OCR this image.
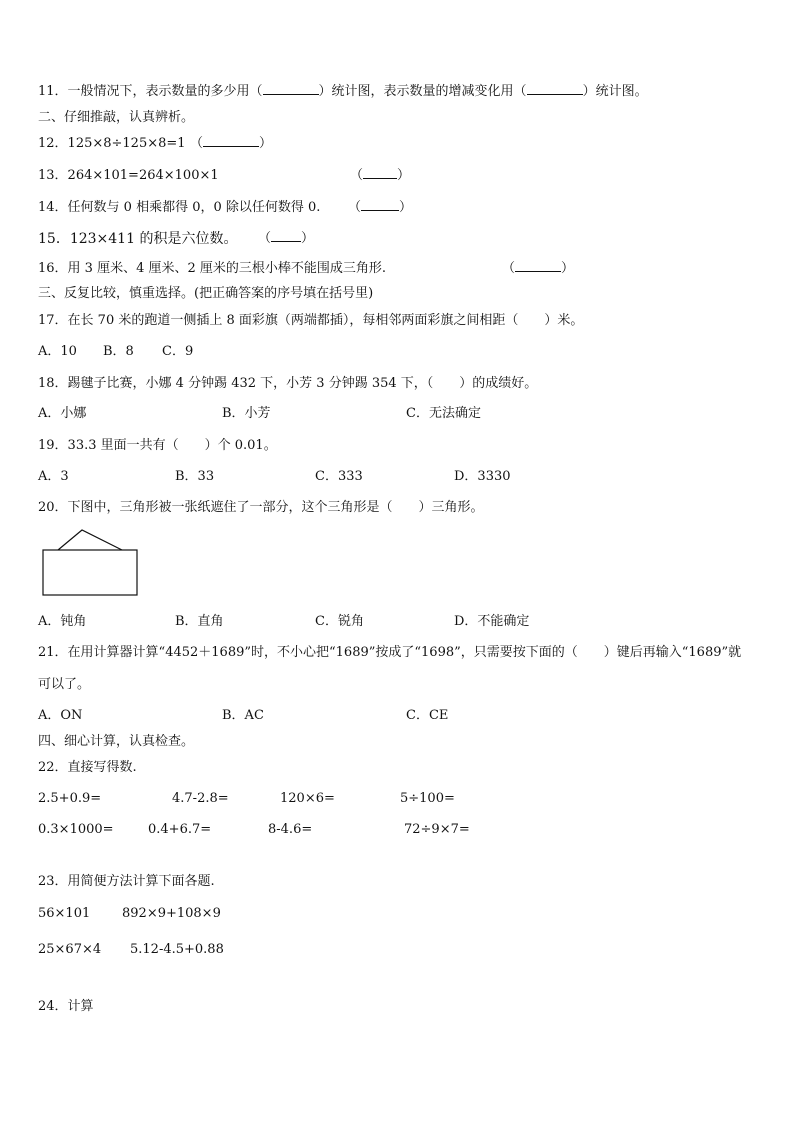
11．一般情况下，表示数量的多少用（	）统计图，表示数量的增减变化用（	）统计图。
二、仔细推敲，认真辨析。
12．125×8÷125×8=1 （	）
13．264×101=264×100×1	（	）
14．任何数与 0 相乘都得 0，0 除以任何数得 0. （	）
15．123×411 的积是六位数。 （ ）
16．用 3 厘米、4 厘米、2 厘米的三根小棒不能围成三角形.	（	）
三、反复比较，慎重选择。(把正确答案的序号填在括号里)
17．在长 70 米的跑道一侧插上 8 面彩旗（两端都插），每相邻两面彩旗之间相距（　　）米。
A．10 B．8 C．9
18．踢毽子比赛，小娜 4 分钟踢 432 下，小芳 3 分钟踢 354 下，（　　）的成绩好。
A．小娜	B．小芳	C．无法确定
19．33.3 里面一共有（　　）个 0.01。
A．3	B．33	C．333	D．3330
20．下图中，三角形被一张纸遮住了一部分，这个三角形是（　　）三角形。
A．钝角	B．直角	C．锐角	D．不能确定
21．在用计算器计算“4452＋1689”时，不小心把“1689”按成了“1698”，只需要按下面的（　　）键后再输入“1689”就
可以了。
A．ON	B．AC	C．CE
四、细心计算，认真检查。
22．直接写得数.
2.5+0.9=	4.7-2.8=	120×6=	5÷100=
0.3×1000=	0.4+6.7=	8-4.6=	72÷9×7=
23．用简便方法计算下面各题.
56×101 892×9+108×9
25×67×4 5.12-4.5+0.88
24．计算
